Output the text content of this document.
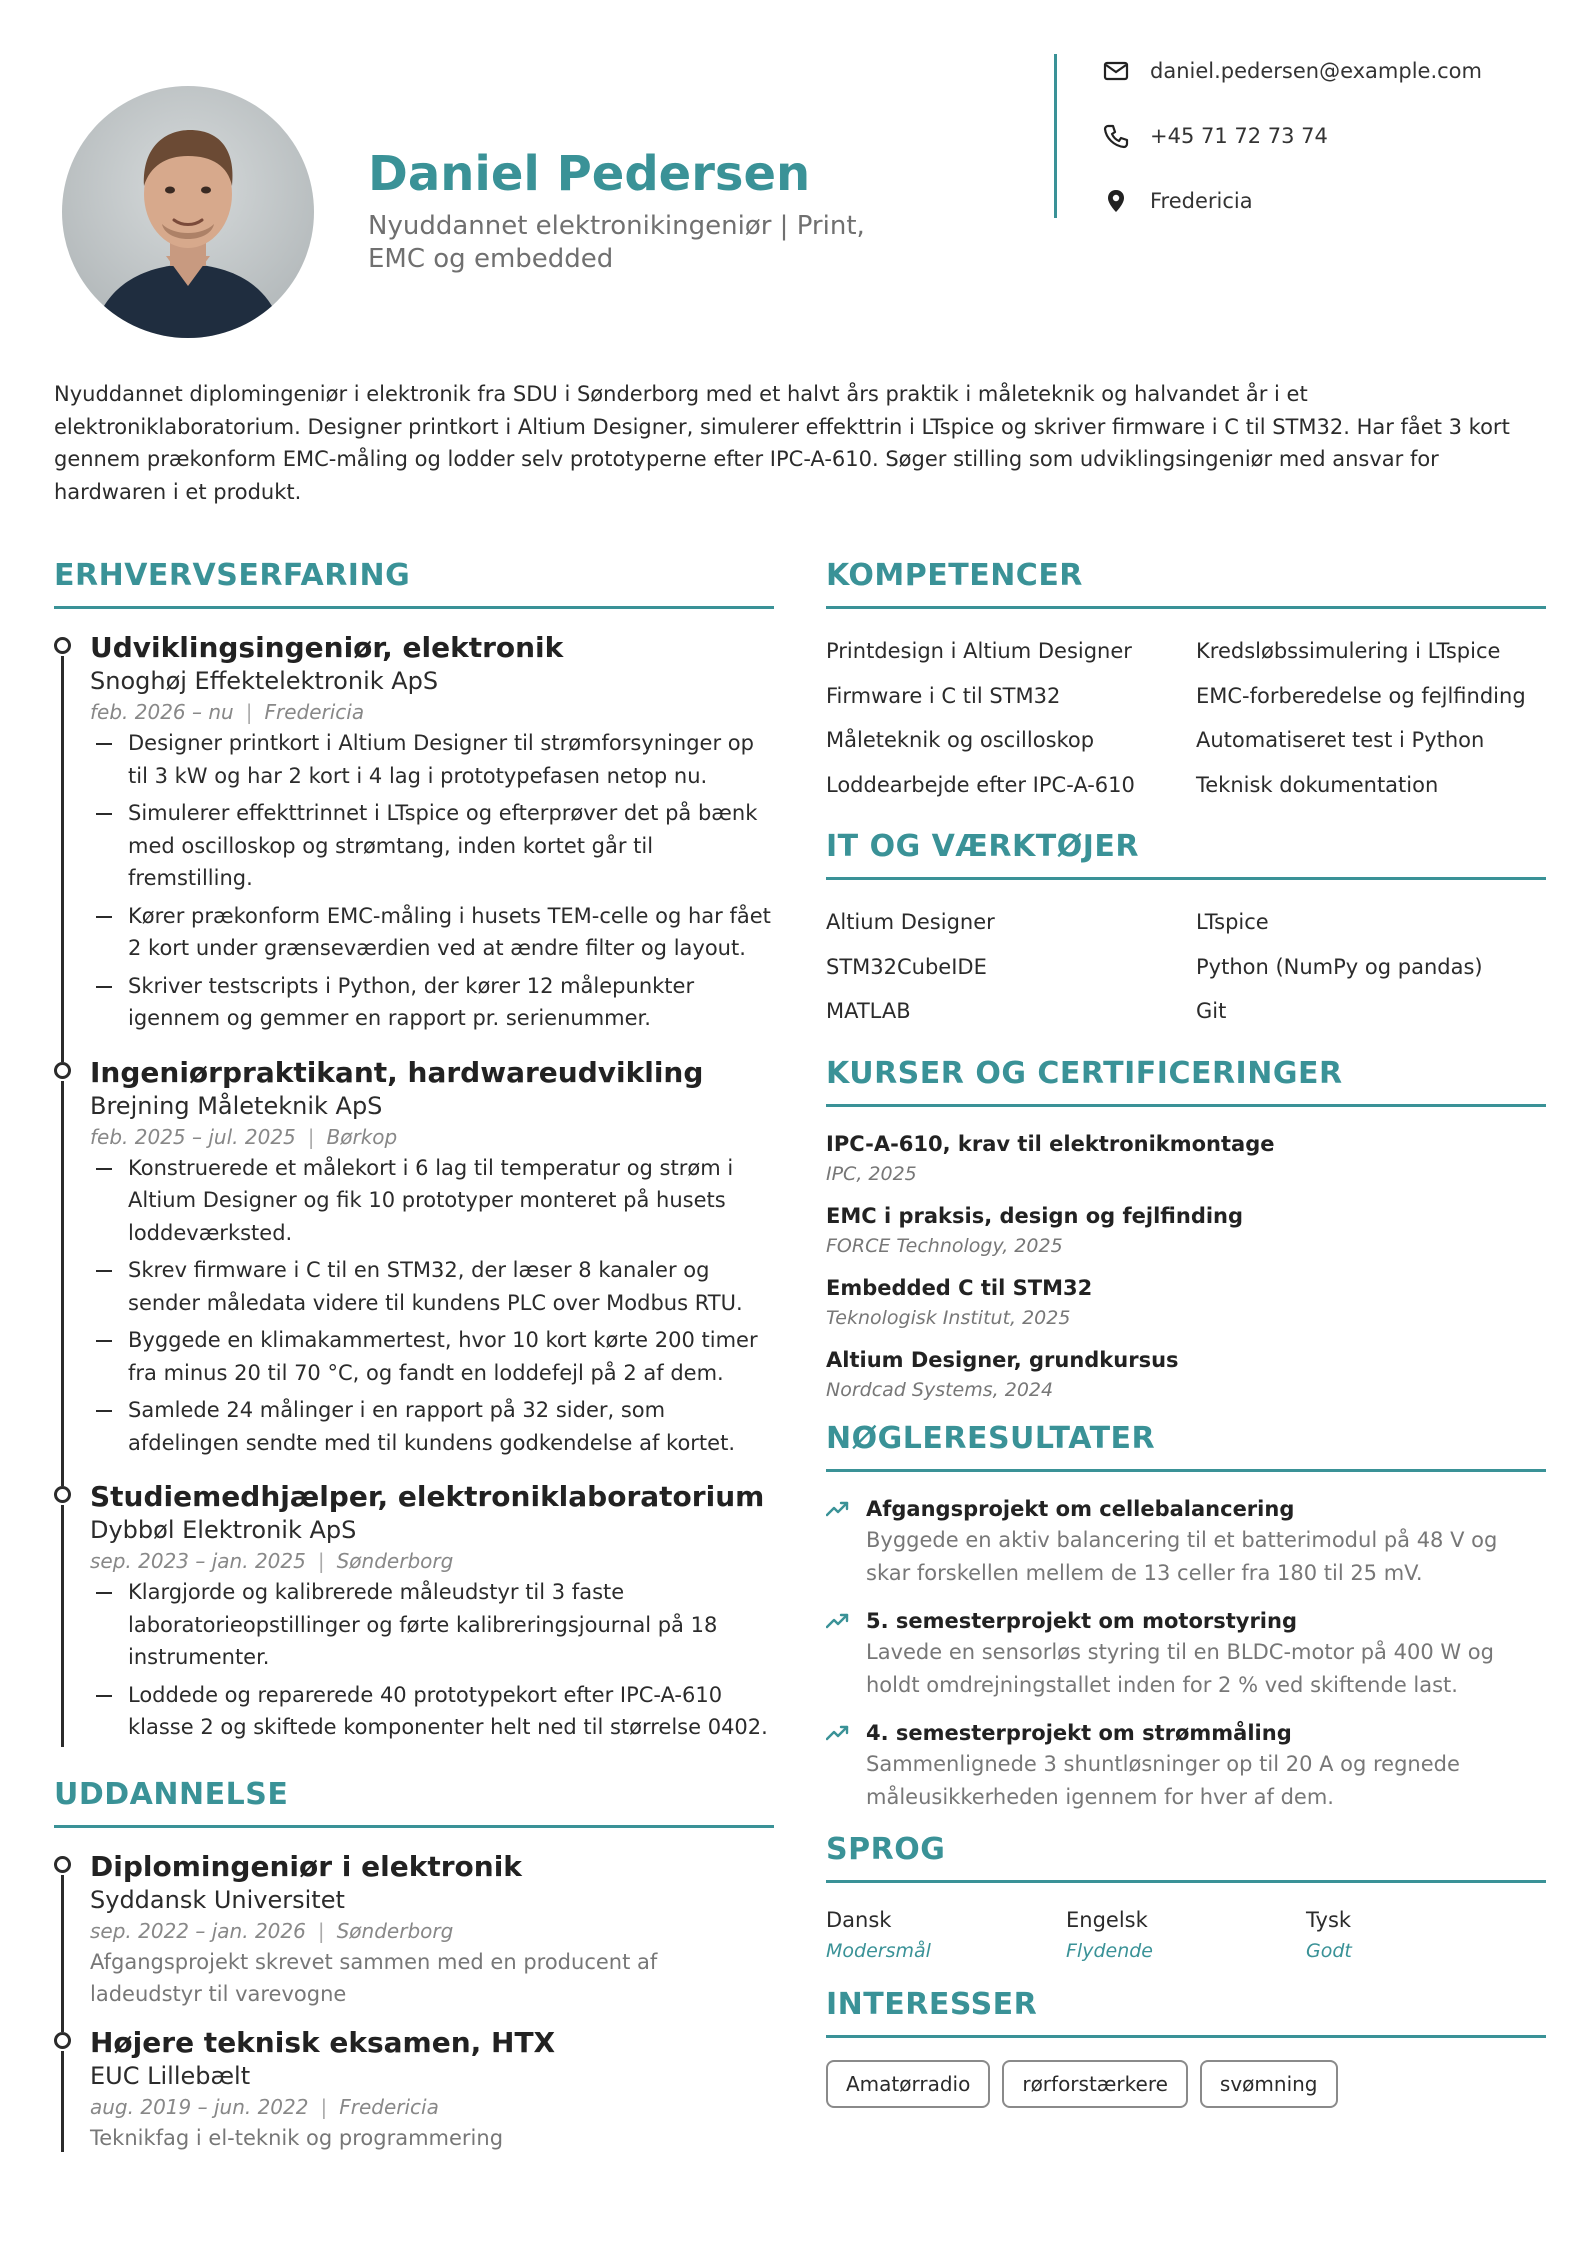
Daniel Pedersen
Nyuddannet elektronikingeniør | Print, EMC og embedded
daniel.pedersen@example.com
+45 71 72 73 74
Fredericia

Nyuddannet diplomingeniør i elektronik fra SDU i Sønderborg med et halvt års praktik i måleteknik og halvandet år i et elektroniklaboratorium. Designer printkort i Altium Designer, simulerer effekttrin i LTspice og skriver firmware i C til STM32. Har fået 3 kort gennem prækonform EMC-måling og lodder selv prototyperne efter IPC-A-610. Søger stilling som udviklingsingeniør med ansvar for hardwaren i et produkt.

ERHVERVSERFARING
Udviklingsingeniør, elektronik
Snoghøj Effektelektronik ApS
feb. 2026 – nu | Fredericia
Designer printkort i Altium Designer til strømforsyninger op til 3 kW og har 2 kort i 4 lag i prototypefasen netop nu.
Simulerer effekttrinnet i LTspice og efterprøver det på bænk med oscilloskop og strømtang, inden kortet går til fremstilling.
Kører prækonform EMC-måling i husets TEM-celle og har fået 2 kort under grænseværdien ved at ændre filter og layout.
Skriver testscripts i Python, der kører 12 målepunkter igennem og gemmer en rapport pr. serienummer.
Ingeniørpraktikant, hardwareudvikling
Brejning Måleteknik ApS
feb. 2025 – jul. 2025 | Børkop
Konstruerede et målekort i 6 lag til temperatur og strøm i Altium Designer og fik 10 prototyper monteret på husets loddeværksted.
Skrev firmware i C til en STM32, der læser 8 kanaler og sender måledata videre til kundens PLC over Modbus RTU.
Byggede en klimakammertest, hvor 10 kort kørte 200 timer fra minus 20 til 70 °C, og fandt en loddefejl på 2 af dem.
Samlede 24 målinger i en rapport på 32 sider, som afdelingen sendte med til kundens godkendelse af kortet.
Studiemedhjælper, elektroniklaboratorium
Dybbøl Elektronik ApS
sep. 2023 – jan. 2025 | Sønderborg
Klargjorde og kalibrerede måleudstyr til 3 faste laboratorieopstillinger og førte kalibreringsjournal på 18 instrumenter.
Loddede og reparerede 40 prototypekort efter IPC-A-610 klasse 2 og skiftede komponenter helt ned til størrelse 0402.
UDDANNELSE
Diplomingeniør i elektronik
Syddansk Universitet
sep. 2022 – jan. 2026 | Sønderborg
Afgangsprojekt skrevet sammen med en producent af ladeudstyr til varevogne
Højere teknisk eksamen, HTX
EUC Lillebælt
aug. 2019 – jun. 2022 | Fredericia
Teknikfag i el-teknik og programmering
KOMPETENCER
Printdesign i Altium Designer	Kredsløbssimulering i LTspice
Firmware i C til STM32	EMC-forberedelse og fejlfinding
Måleteknik og oscilloskop	Automatiseret test i Python
Loddearbejde efter IPC-A-610	Teknisk dokumentation
IT OG VÆRKTØJER
Altium Designer	LTspice
STM32CubeIDE	Python (NumPy og pandas)
MATLAB	Git
KURSER OG CERTIFICERINGER
IPC-A-610, krav til elektronikmontage
IPC, 2025
EMC i praksis, design og fejlfinding
FORCE Technology, 2025
Embedded C til STM32
Teknologisk Institut, 2025
Altium Designer, grundkursus
Nordcad Systems, 2024
NØGLERESULTATER
Afgangsprojekt om cellebalancering
Byggede en aktiv balancering til et batterimodul på 48 V og skar forskellen mellem de 13 celler fra 180 til 25 mV.
5. semesterprojekt om motorstyring
Lavede en sensorløs styring til en BLDC-motor på 400 W og holdt omdrejningstallet inden for 2 % ved skiftende last.
4. semesterprojekt om strømmåling
Sammenlignede 3 shuntløsninger op til 20 A og regnede måleusikkerheden igennem for hver af dem.
SPROG
Dansk
Modersmål
Engelsk
Flydende
Tysk
Godt
INTERESSER
Amatørradio	rørforstærkere	svømning
